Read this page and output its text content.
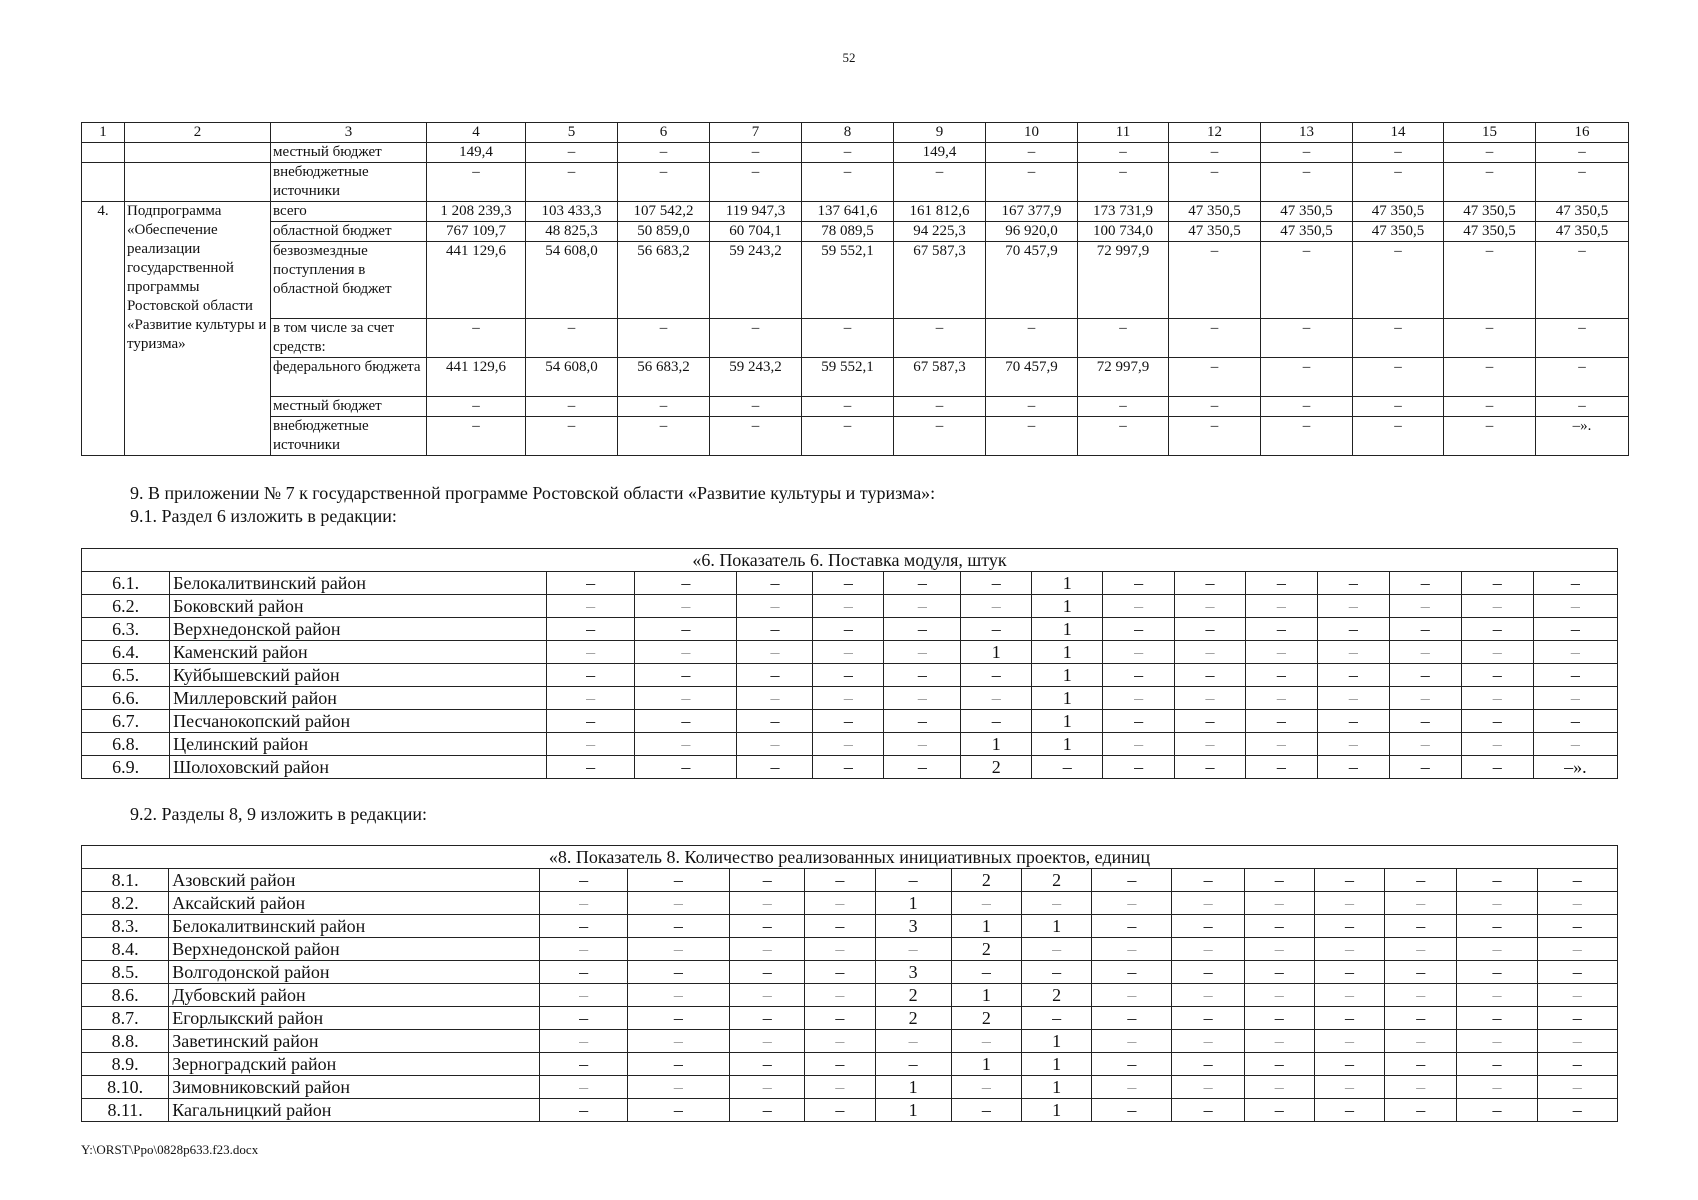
52
1	2	3	4	5	6	7	8	9	10	11	12	13	14	15	16
		местный бюджет	149,4	–	–	–	–	149,4	–	–	–	–	–	–	–
		внебюджетные источники	–	–	–	–	–	–	–	–	–	–	–	–	–
4.	Подпрограмма «Обеспечение реализации государственной программы Ростовской области «Развитие культуры и туризма»	всего	1 208 239,3	103 433,3	107 542,2	119 947,3	137 641,6	161 812,6	167 377,9	173 731,9	47 350,5	47 350,5	47 350,5	47 350,5	47 350,5
		областной бюджет	767 109,7	48 825,3	50 859,0	60 704,1	78 089,5	94 225,3	96 920,0	100 734,0	47 350,5	47 350,5	47 350,5	47 350,5	47 350,5
		безвозмездные поступления в областной бюджет	441 129,6	54 608,0	56 683,2	59 243,2	59 552,1	67 587,3	70 457,9	72 997,9	–	–	–	–	–
		в том числе за счет средств:	–	–	–	–	–	–	–	–	–	–	–	–	–
		федерального бюджета	441 129,6	54 608,0	56 683,2	59 243,2	59 552,1	67 587,3	70 457,9	72 997,9	–	–	–	–	–
		местный бюджет	–	–	–	–	–	–	–	–	–	–	–	–	–
		внебюджетные источники	–	–	–	–	–	–	–	–	–	–	–	–	–».
9. В приложении № 7 к государственной программе Ростовской области «Развитие культуры и туризма»:
9.1. Раздел 6 изложить в редакции:
«6. Показатель 6. Поставка модуля, штук															
6.1.	Белокалитвинский район	–	–	–	–	–	–	1	–	–	–	–	–	–	–
6.2.	Боковский район	–	–	–	–	–	–	1	–	–	–	–	–	–	–
6.3.	Верхнедонской район	–	–	–	–	–	–	1	–	–	–	–	–	–	–
6.4.	Каменский район	–	–	–	–	–	1	1	–	–	–	–	–	–	–
6.5.	Куйбышевский район	–	–	–	–	–	–	1	–	–	–	–	–	–	–
6.6.	Миллеровский район	–	–	–	–	–	–	1	–	–	–	–	–	–	–
6.7.	Песчанокопский район	–	–	–	–	–	–	1	–	–	–	–	–	–	–
6.8.	Целинский район	–	–	–	–	–	1	1	–	–	–	–	–	–	–
6.9.	Шолоховский район	–	–	–	–	–	2	–	–	–	–	–	–	–	–».
9.2. Разделы 8, 9 изложить в редакции:
«8. Показатель 8. Количество реализованных инициативных проектов, единиц															
8.1.	Азовский район	–	–	–	–	–	2	2	–	–	–	–	–	–	–
8.2.	Аксайский район	–	–	–	–	1	–	–	–	–	–	–	–	–	–
8.3.	Белокалитвинский район	–	–	–	–	3	1	1	–	–	–	–	–	–	–
8.4.	Верхнедонской район	–	–	–	–	–	2	–	–	–	–	–	–	–	–
8.5.	Волгодонской район	–	–	–	–	3	–	–	–	–	–	–	–	–	–
8.6.	Дубовский район	–	–	–	–	2	1	2	–	–	–	–	–	–	–
8.7.	Егорлыкский район	–	–	–	–	2	2	–	–	–	–	–	–	–	–
8.8.	Заветинский район	–	–	–	–	–	–	1	–	–	–	–	–	–	–
8.9.	Зерноградский район	–	–	–	–	–	1	1	–	–	–	–	–	–	–
8.10.	Зимовниковский район	–	–	–	–	1	–	1	–	–	–	–	–	–	–
8.11.	Кагальницкий район	–	–	–	–	1	–	1	–	–	–	–	–	–	–
Y:\ORST\Ppo\0828p633.f23.docx
